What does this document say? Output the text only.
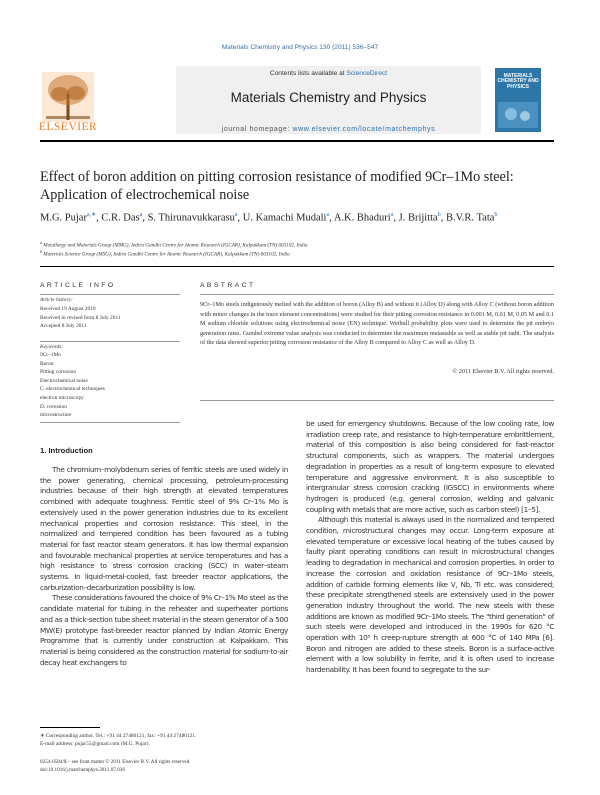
Materials Chemistry and Physics 130 (2011) 536–547
ELSEVIER
Contents lists available at ScienceDirect
Materials Chemistry and Physics
journal homepage: www.elsevier.com/locate/matchemphys
MATERIALS CHEMISTRY AND PHYSICS
Effect of boron addition on pitting corrosion resistance of modified 9Cr–1Mo steel: Application of electrochemical noise
M.G. Pujar$^{a,∗}$, C.R. Das$^a$, S. Thirunavukkarasu$^a$, U. Kamachi Mudali$^a$, A.K. Bhaduri$^a$, J. Brijitta$^b$, B.V.R. Tata$^b$
$^a$ Metallurgy and Materials Group (MMG), Indira Gandhi Centre for Atomic Research (IGCAR), Kalpakkam (TN) 603102, India
$^b$ Materials Science Group (MSG), Indira Gandhi Centre for Atomic Research (IGCAR), Kalpakkam (TN) 603102, India
ARTICLE INFO
Article history:
Received 19 August 2010
Received in revised form 8 July 2011
Accepted 8 July 2011
Keywords:
9Cr–1Mo
Boron
Pitting corrosion
Electrochemical noise
C. electrochemical techniques
electron microscopy
D. corrosion
microstructure
ABSTRACT
9Cr–1Mo steels indigenously melted with the addition of boron (Alloy B) and without it (Alloy D) along with Alloy C (without boron addition with minor changes in the trace element concentrations) were studied for their pitting corrosion resistance in 0.001 M, 0.01 M, 0.05 M and 0.1 M sodium chloride solutions using electrochemical noise (EN) technique. Weibull probability plots were used to determine the pit embryo generation rates. Gumbel extreme value analysis was conducted to determine the maximum metastable as well as stable pit radii. The analysis of the data showed superior pitting corrosion resistance of the Alloy B compared to Alloy C as well as Alloy D.
© 2011 Elsevier B.V. All rights reserved.
1. Introduction

The chromium–molybdenum series of ferritic steels are used widely in the power generating, chemical processing, petroleum-processing industries because of their high strength at elevated temperatures combined with adequate toughness. Ferritic steel of 9% Cr–1% Mo is extensively used in the power generation industries due to its excellent mechanical properties and corrosion resistance. This steel, in the normalized and tempered condition has been favoured as a tubing material for fast reactor steam generators. It has low thermal expansion and favourable mechanical properties at service temperatures and has a high resistance to stress corrosion cracking (SCC) in water–steam systems. In liquid-metal-cooled, fast breeder reactor applications, the carburization–decarburization possibility is low.

These considerations favoured the choice of 9% Cr–1% Mo steel as the candidate material for tubing in the reheater and superheater portions and as a thick-section tube sheet material in the steam generator of a 500 MW(E) prototype fast-breeder reactor planned by Indian Atomic Energy Programme that is currently under construction at Kalpakkam. This material is being considered as the construction material for sodium-to-air decay heat exchangers to

be used for emergency shutdowns. Because of the low cooling rate, low irradiation creep rate, and resistance to high-temperature embrittlement, material of this composition is also being considered for fast-reactor structural components, such as wrappers. The material undergoes degradation in properties as a result of long-term exposure to elevated temperature and aggressive environment. It is also susceptible to intergranular stress corrosion cracking (IGSCC) in environments where hydrogen is produced (e.g. general corrosion, welding and galvanic coupling with metals that are more active, such as carbon steel) [1–5].

Although this material is always used in the normalized and tempered condition, microstructural changes may occur. Long-term exposure at elevated temperature or excessive local heating of the tubes caused by faulty plant operating conditions can result in microstructural changes leading to degradation in mechanical and corrosion properties. In order to increase the corrosion and oxidation resistance of 9Cr–1Mo steels, addition of carbide forming elements like V, Nb, Ti etc. was considered; these precipitate strengthened steels are extensively used in the power generation industry throughout the world. The new steels with these additions are known as modified 9Cr–1Mo steels. The "third generation" of such steels were developed and introduced in the 1990s for 620 °C operation with 10⁵ h creep-rupture strength at 600 °C of 140 MPa [6]. Boron and nitrogen are added to these steels. Boron is a surface-active element with a low solubility in ferrite, and it is often used to increase hardenability. It has been found to segregate to the sur-

∗ Corresponding author. Tel.: +91 44 27480121; fax: +91 44 27480121.
E-mail address: pujar55@gmail.com (M.G. Pujar).
0254-0584/$ – see front matter © 2011 Elsevier B.V. All rights reserved.
doi:10.1016/j.matchemphys.2011.07.036
